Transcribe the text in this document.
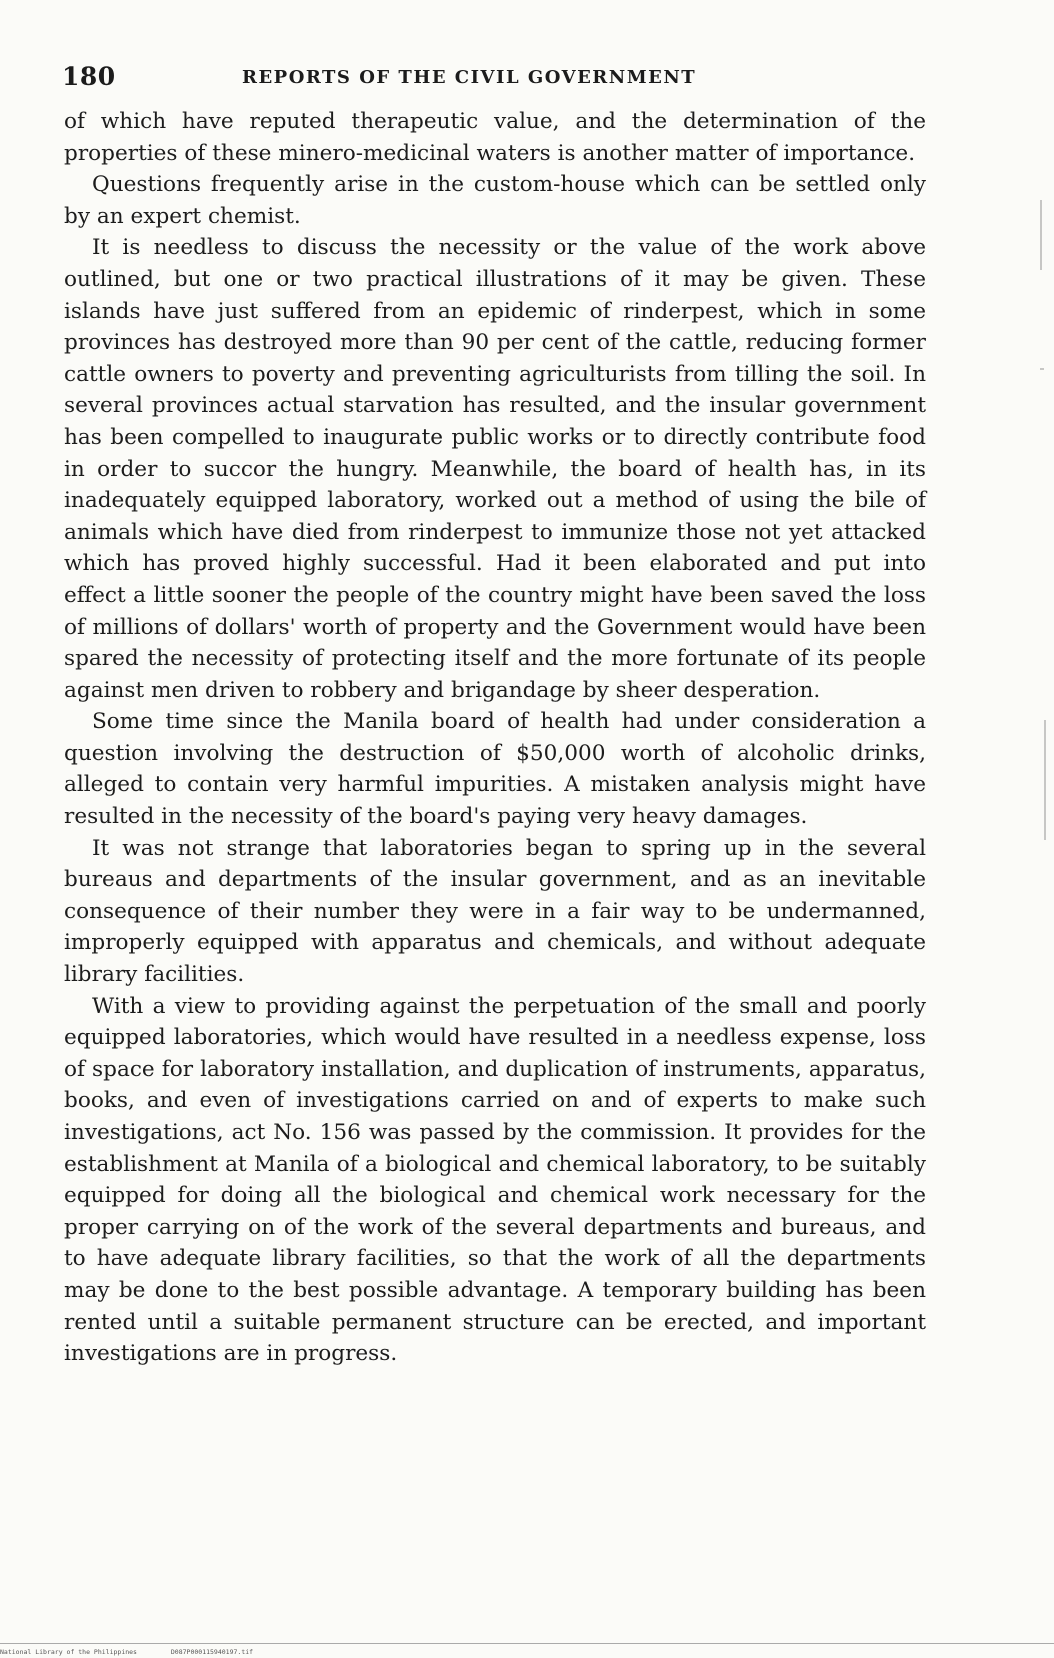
180	REPORTS OF THE CIVIL GOVERNMENT

of which have reputed therapeutic value, and the determination of the properties of these minero-medicinal waters is another matter of importance.

Questions frequently arise in the custom-house which can be settled only by an expert chemist.

It is needless to discuss the necessity or the value of the work above outlined, but one or two practical illustrations of it may be given. These islands have just suffered from an epidemic of rinderpest, which in some provinces has destroyed more than 90 per cent of the cattle, reducing former cattle owners to poverty and preventing agriculturists from tilling the soil. In several provinces actual starvation has resulted, and the insular government has been compelled to inaugurate public works or to directly contribute food in order to succor the hungry. Meanwhile, the board of health has, in its inadequately equipped laboratory, worked out a method of using the bile of animals which have died from rinderpest to immunize those not yet attacked which has proved highly successful. Had it been elaborated and put into effect a little sooner the people of the country might have been saved the loss of millions of dollars' worth of property and the Government would have been spared the necessity of protecting itself and the more fortunate of its people against men driven to robbery and brigandage by sheer desperation.

Some time since the Manila board of health had under consideration a question involving the destruction of $50,000 worth of alcoholic drinks, alleged to contain very harmful impurities. A mistaken analysis might have resulted in the necessity of the board's paying very heavy damages.

It was not strange that laboratories began to spring up in the several bureaus and departments of the insular government, and as an inevitable consequence of their number they were in a fair way to be undermanned, improperly equipped with apparatus and chemicals, and without adequate library facilities.

With a view to providing against the perpetuation of the small and poorly equipped laboratories, which would have resulted in a needless expense, loss of space for laboratory installation, and duplication of instruments, apparatus, books, and even of investigations carried on and of experts to make such investigations, act No. 156 was passed by the commission. It provides for the establishment at Manila of a biological and chemical laboratory, to be suitably equipped for doing all the biological and chemical work necessary for the proper carrying on of the work of the several departments and bureaus, and to have adequate library facilities, so that the work of all the departments may be done to the best possible advantage. A temporary building has been rented until a suitable permanent structure can be erected, and important investigations are in progress.

National Library of the Philippines	D087P000115940197.tif
